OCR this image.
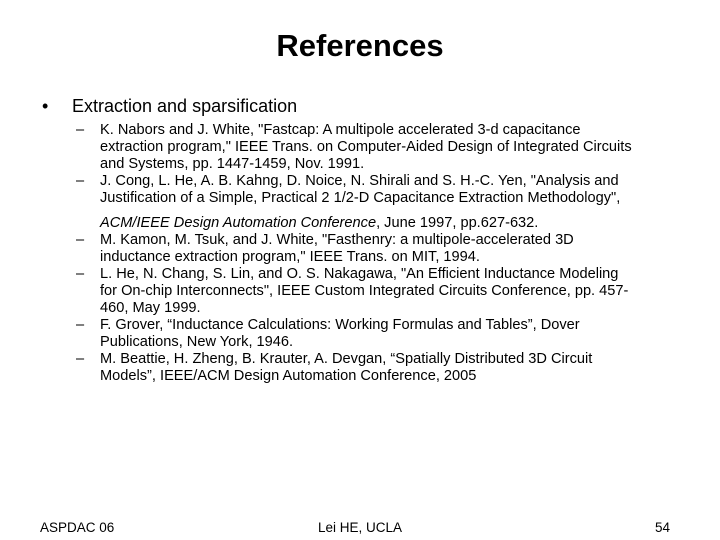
References
• Extraction and sparsification
– K. Nabors and J. White, "Fastcap: A multipole accelerated 3-d capacitance
extraction program," IEEE Trans. on Computer-Aided Design of Integrated Circuits
and Systems, pp. 1447-1459, Nov. 1991.
– J. Cong, L. He, A. B. Kahng, D. Noice, N. Shirali and S. H.-C. Yen, "Analysis and
Justification of a Simple, Practical 2 1/2-D Capacitance Extraction Methodology",
ACM/IEEE Design Automation Conference, June 1997, pp.627-632.
– M. Kamon, M. Tsuk, and J. White, "Fasthenry: a multipole-accelerated 3D
inductance extraction program," IEEE Trans. on MIT, 1994.
– L. He, N. Chang, S. Lin, and O. S. Nakagawa, "An Efficient Inductance Modeling
for On-chip Interconnects", IEEE Custom Integrated Circuits Conference, pp. 457-
460, May 1999.
– F. Grover, “Inductance Calculations: Working Formulas and Tables”, Dover
Publications, New York, 1946.
– M. Beattie, H. Zheng, B. Krauter, A. Devgan, “Spatially Distributed 3D Circuit
Models”, IEEE/ACM Design Automation Conference, 2005
ASPDAC 06	Lei HE, UCLA	54
